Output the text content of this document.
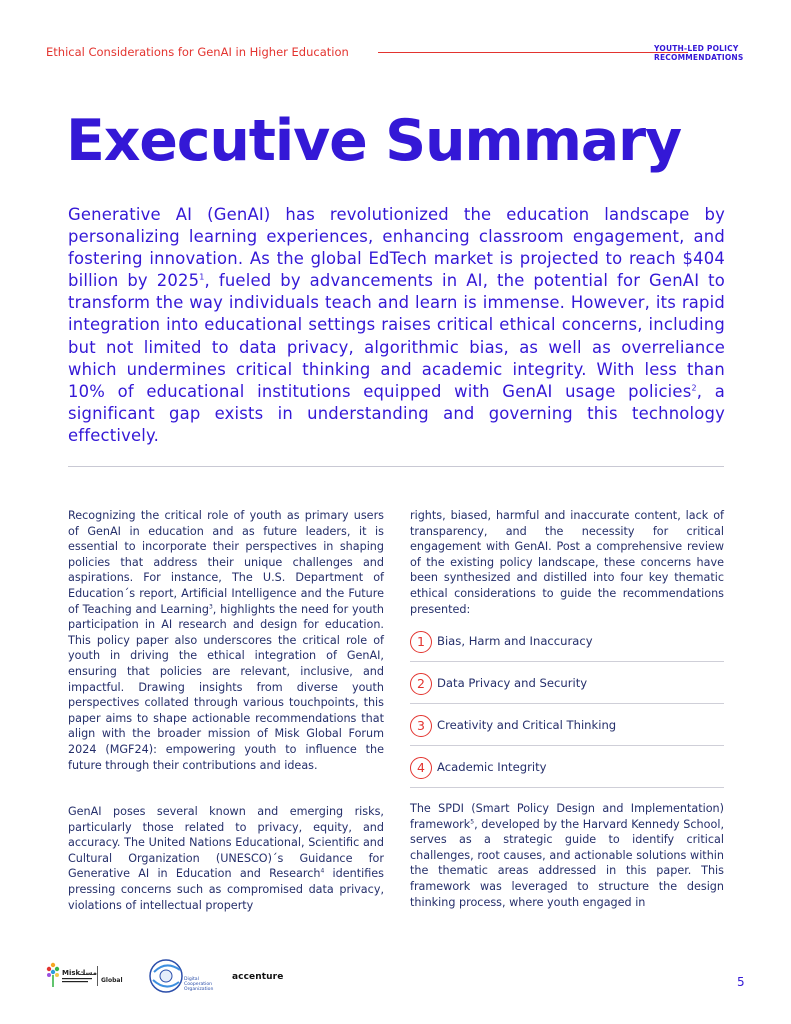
Ethical Considerations for GenAI in Higher Education	YOUTH-LED POLICY
RECOMMENDATIONS
Executive Summary

Generative AI (GenAI) has revolutionized the education landscape by personalizing learning experiences, enhancing classroom engagement, and fostering innovation. As the global EdTech market is projected to reach $404 billion by 2025$^1$, fueled by advancements in AI, the potential for GenAI to transform the way individuals teach and learn is immense. However, its rapid integration into educational settings raises critical ethical concerns, including but not limited to data privacy, algorithmic bias, as well as overreliance which undermines critical thinking and academic integrity. With less than 10% of educational institutions equipped with GenAI usage policies$^2$, a significant gap exists in understanding and governing this technology effectively.

Recognizing the critical role of youth as primary users of GenAI in education and as future leaders, it is essential to incorporate their perspectives in shaping policies that address their unique challenges and aspirations. For instance, The U.S. Department of Education´s report, Artificial Intelligence and the Future of Teaching and Learning$^3$, highlights the need for youth participation in AI research and design for education. This policy paper also underscores the critical role of youth in driving the ethical integration of GenAI, ensuring that policies are relevant, inclusive, and impactful. Drawing insights from diverse youth perspectives collated through various touchpoints, this paper aims to shape actionable recommendations that align with the broader mission of Misk Global Forum 2024 (MGF24): empowering youth to influence the future through their contributions and ideas.

GenAI poses several known and emerging risks, particularly those related to privacy, equity, and accuracy. The United Nations Educational, Scientific and Cultural Organization (UNESCO)´s Guidance for Generative AI in Education and Research$^4$ identifies pressing concerns such as compromised data privacy, violations of intellectual property

rights, biased, harmful and inaccurate content, lack of transparency, and the necessity for critical engagement with GenAI. Post a comprehensive review of the existing policy landscape, these concerns have been synthesized and distilled into four key thematic ethical considerations to guide the recommendations presented:

1	Bias, Harm and Inaccuracy
2	Data Privacy and Security
3	Creativity and Critical Thinking
4	Academic Integrity

The SPDI (Smart Policy Design and Implementation) framework$^5$, developed by the Harvard Kennedy School, serves as a strategic guide to identify critical challenges, root causes, and actionable solutions within the thematic areas addressed in this paper. This framework was leveraged to structure the design thinking process, where youth engaged in

Misk
مسك
Global	Digital
Cooperation
Organization
accenture	5
